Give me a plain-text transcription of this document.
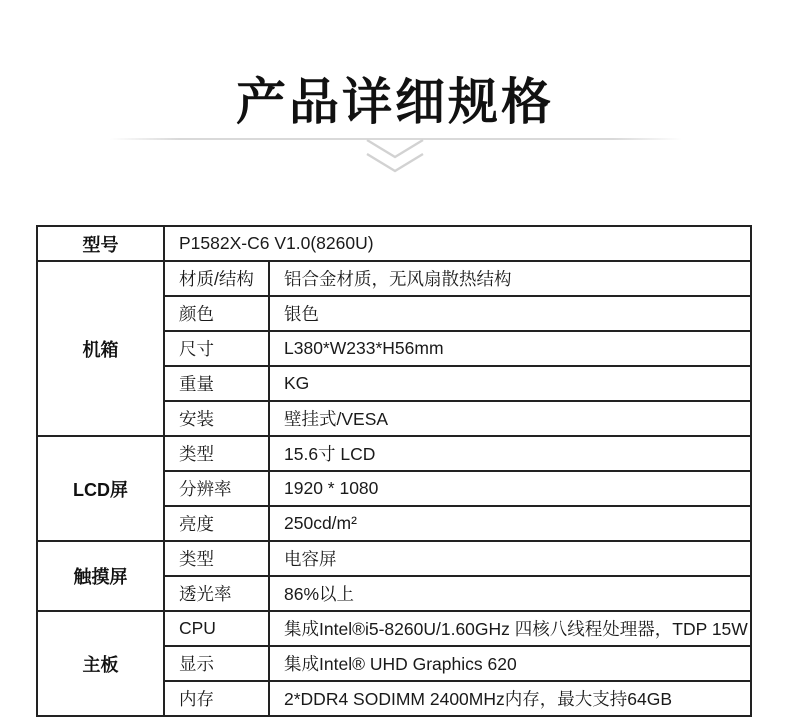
产品详细规格
型号	P1582X-C6 V1.0(8260U)	
机箱	材质/结构	铝合金材质，无风扇散热结构
	颜色	银色
	尺寸	L380*W233*H56mm
	重量	KG
	安装	壁挂式/VESA
LCD屏	类型	15.6寸 LCD
	分辨率	1920 * 1080
	亮度	250cd/m²
触摸屏	类型	电容屏
	透光率	86%以上
主板	CPU	集成Intel®i5-8260U/1.60GHz 四核八线程处理器，TDP 15W
	显示	集成Intel® UHD Graphics 620
	内存	2*DDR4 SODIMM 2400MHz内存，最大支持64GB
